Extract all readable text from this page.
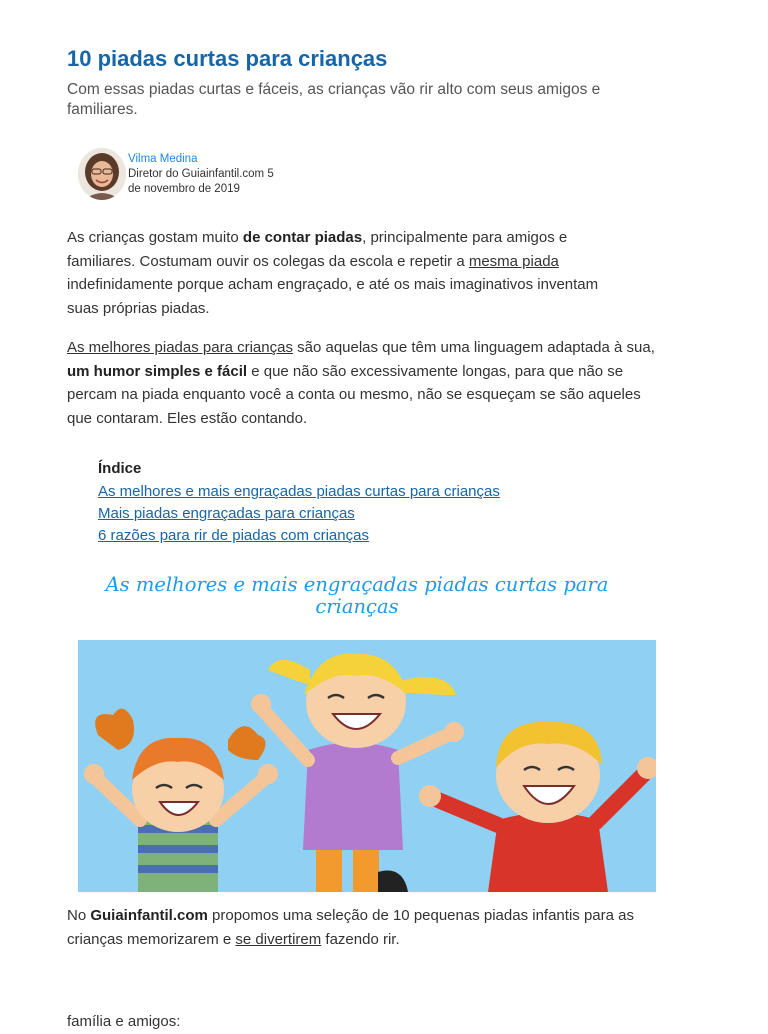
10 piadas curtas para crianças

Com essas piadas curtas e fáceis, as crianças vão rir alto com seus amigos e familiares.

Vilma Medina
Diretor do Guiainfantil.com 5 de novembro de 2019

As crianças gostam muito de contar piadas, principalmente para amigos e familiares. Costumam ouvir os colegas da escola e repetir a mesma piada indefinidamente porque acham engraçado, e até os mais imaginativos inventam suas próprias piadas.

As melhores piadas para crianças são aquelas que têm uma linguagem adaptada à sua, um humor simples e fácil e que não são excessivamente longas, para que não se percam na piada enquanto você a conta ou mesmo, não se esqueçam se são aqueles que contaram. Eles estão contando.

Índice
As melhores e mais engraçadas piadas curtas para crianças
Mais piadas engraçadas para crianças
6 razões para rir de piadas com crianças
As melhores e mais engraçadas piadas curtas para crianças

No Guiainfantil.com propomos uma seleção de 10 pequenas piadas infantis para as crianças memorizarem e se divertirem fazendo rir.

família e amigos:
